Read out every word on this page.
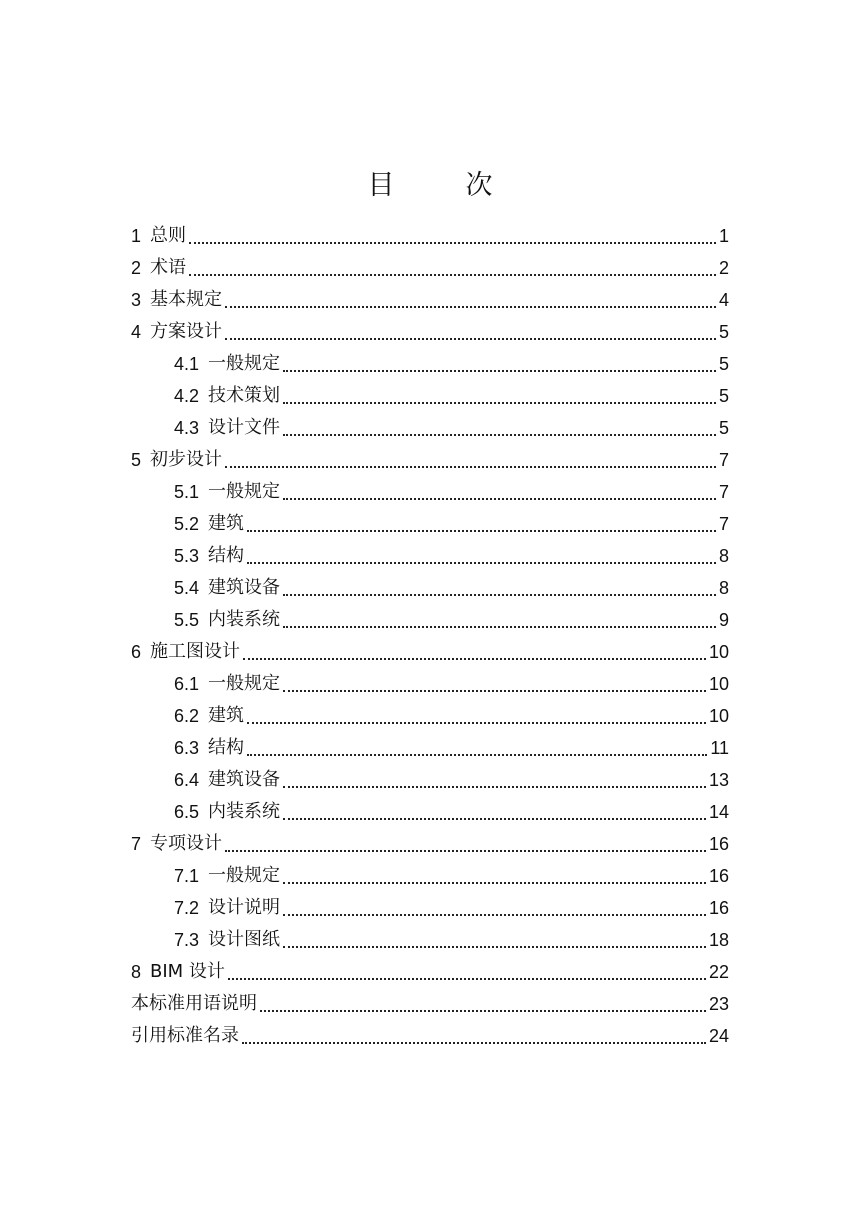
目　次
1 总则	1
2 术语	2
3 基本规定	4
4 方案设计	5
4.1 一般规定	5
4.2 技术策划	5
4.3 设计文件	5
5 初步设计	7
5.1 一般规定	7
5.2 建筑	7
5.3 结构	8
5.4 建筑设备	8
5.5 内装系统	9
6 施工图设计	10
6.1 一般规定	10
6.2 建筑	10
6.3 结构	11
6.4 建筑设备	13
6.5 内装系统	14
7 专项设计	16
7.1 一般规定	16
7.2 设计说明	16
7.3 设计图纸	18
8 BIM 设计	22
本标准用语说明	23
引用标准名录	24
